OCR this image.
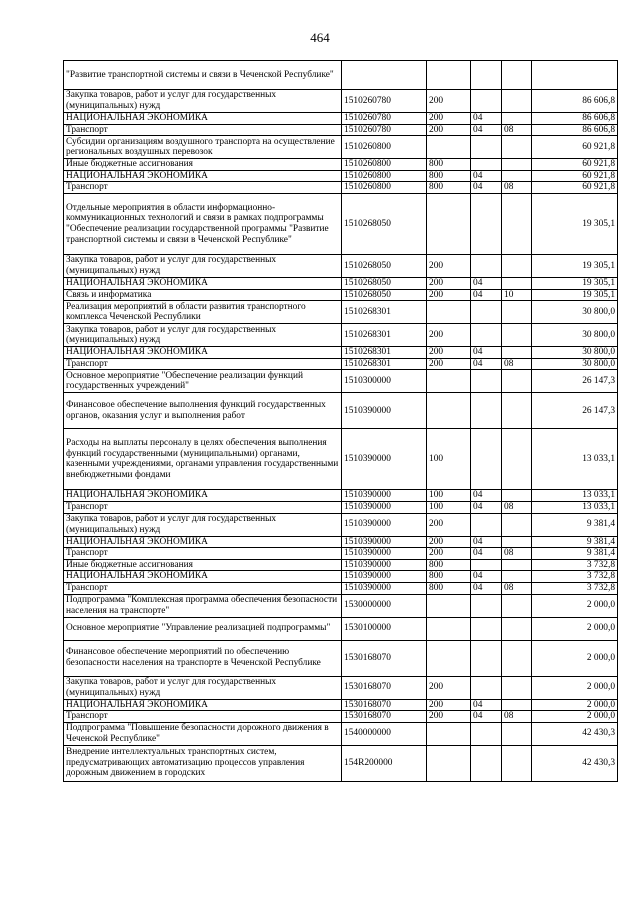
464
"Развитие транспортной системы и связи в Чеченской Республике"					
Закупка товаров, работ и услуг для государственных (муниципальных) нужд	1510260780	200			86 606,8
НАЦИОНАЛЬНАЯ ЭКОНОМИКА	1510260780	200	04		86 606,8
Транспорт	1510260780	200	04	08	86 606,8
Субсидии организациям воздушного транспорта на осуществление региональных воздушных перевозок	1510260800				60 921,8
Иные бюджетные ассигнования	1510260800	800			60 921,8
НАЦИОНАЛЬНАЯ ЭКОНОМИКА	1510260800	800	04		60 921,8
Транспорт	1510260800	800	04	08	60 921,8
Отдельные мероприятия в области информационно-коммуникационных технологий и связи в рамках подпрограммы "Обеспечение реализации государственной программы "Развитие транспортной системы и связи в Чеченской Республике"	1510268050				19 305,1
Закупка товаров, работ и услуг для государственных (муниципальных) нужд	1510268050	200			19 305,1
НАЦИОНАЛЬНАЯ ЭКОНОМИКА	1510268050	200	04		19 305,1
Связь и информатика	1510268050	200	04	10	19 305,1
Реализация мероприятий в области развития транспортного комплекса Чеченской Республики	1510268301				30 800,0
Закупка товаров, работ и услуг для государственных (муниципальных) нужд	1510268301	200			30 800,0
НАЦИОНАЛЬНАЯ ЭКОНОМИКА	1510268301	200	04		30 800,0
Транспорт	1510268301	200	04	08	30 800,0
Основное мероприятие "Обеспечение реализации функций государственных учреждений"	1510300000				26 147,3
Финансовое обеспечение выполнения функций государственных органов, оказания услуг и выполнения работ	1510390000				26 147,3
Расходы на выплаты персоналу в целях обеспечения выполнения функций государственными (муниципальными) органами, казенными учреждениями, органами управления государственными внебюджетными фондами	1510390000	100			13 033,1
НАЦИОНАЛЬНАЯ ЭКОНОМИКА	1510390000	100	04		13 033,1
Транспорт	1510390000	100	04	08	13 033,1
Закупка товаров, работ и услуг для государственных (муниципальных) нужд	1510390000	200			9 381,4
НАЦИОНАЛЬНАЯ ЭКОНОМИКА	1510390000	200	04		9 381,4
Транспорт	1510390000	200	04	08	9 381,4
Иные бюджетные ассигнования	1510390000	800			3 732,8
НАЦИОНАЛЬНАЯ ЭКОНОМИКА	1510390000	800	04		3 732,8
Транспорт	1510390000	800	04	08	3 732,8
Подпрограмма "Комплексная программа обеспечения безопасности населения на транспорте"	1530000000				2 000,0
Основное мероприятие "Управление реализацией подпрограммы"	1530100000				2 000,0
Финансовое обеспечение мероприятий по обеспечению безопасности населения на транспорте в Чеченской Республике	1530168070				2 000,0
Закупка товаров, работ и услуг для государственных (муниципальных) нужд	1530168070	200			2 000,0
НАЦИОНАЛЬНАЯ ЭКОНОМИКА	1530168070	200	04		2 000,0
Транспорт	1530168070	200	04	08	2 000,0
Подпрограмма "Повышение безопасности дорожного движения в Чеченской Республике"	1540000000				42 430,3
Внедрение интеллектуальных транспортных систем, предусматривающих автоматизацию процессов управления дорожным движением в городских	154R200000				42 430,3
